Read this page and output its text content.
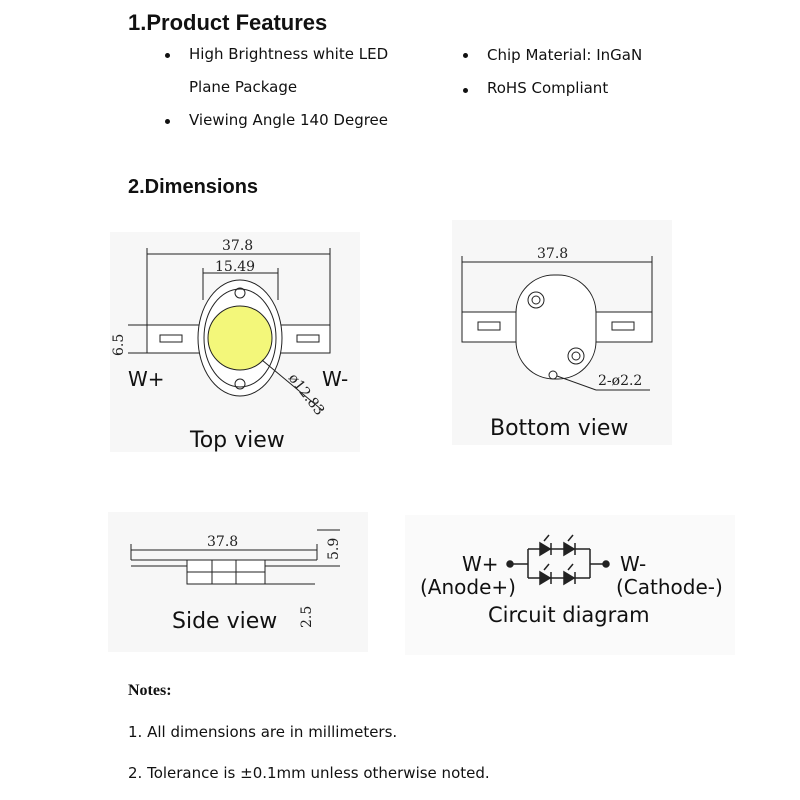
1.Product Features
High Brightness white LED
Plane Package
Viewing Angle 140 Degree
Chip Material: InGaN
RoHS Compliant
2.Dimensions
37.8
15.49
6.5
ø12.83
W+	W-
37.8
2-ø2.2
37.8	5.9
2.5
W+
(Anode+)
W-
(Cathode-)
Top view	Bottom view
Side view	Circuit diagram
Notes:
1. All dimensions are in millimeters.
2. Tolerance is ±0.1mm unless otherwise noted.
